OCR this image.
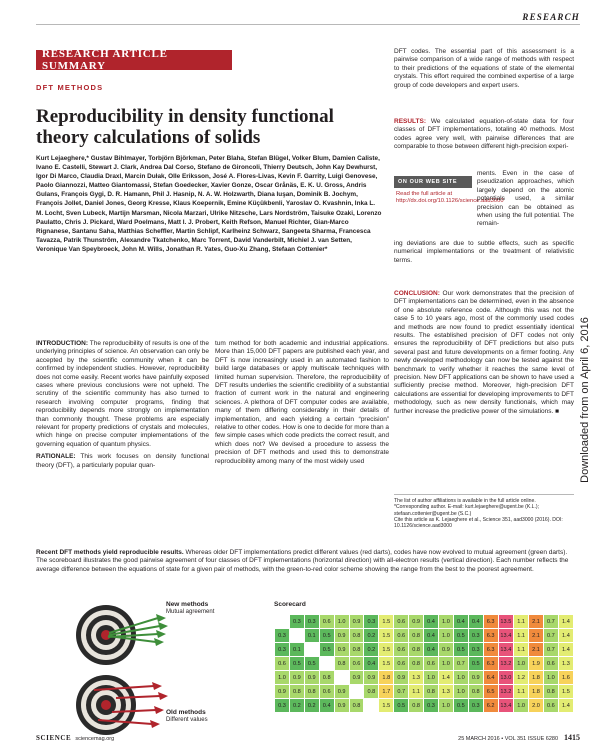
RESEARCH
RESEARCH ARTICLE SUMMARY
DFT METHODS
Reproducibility in density functional theory calculations of solids
Kurt Lejaeghere,* Gustav Bihlmayer, Torbjörn Björkman, Peter Blaha, Stefan Blügel, Volker Blum, Damien Caliste, Ivano E. Castelli, Stewart J. Clark, Andrea Dal Corso, Stefano de Gironcoli, Thierry Deutsch, John Kay Dewhurst, Igor Di Marco, Claudia Draxl, Marcin Dułak, Olle Eriksson, José A. Flores-Livas, Kevin F. Garrity, Luigi Genovese, Paolo Giannozzi, Matteo Giantomassi, Stefan Goedecker, Xavier Gonze, Oscar Grånäs, E. K. U. Gross, Andris Gulans, François Gygi, D. R. Hamann, Phil J. Hasnip, N. A. W. Holzwarth, Diana Iuşan, Dominik B. Jochym, François Jollet, Daniel Jones, Georg Kresse, Klaus Koepernik, Emine Küçükbenli, Yaroslav O. Kvashnin, Inka L. M. Locht, Sven Lubeck, Martijn Marsman, Nicola Marzari, Ulrike Nitzsche, Lars Nordström, Taisuke Ozaki, Lorenzo Paulatto, Chris J. Pickard, Ward Poelmans, Matt I. J. Probert, Keith Refson, Manuel Richter, Gian-Marco Rignanese, Santanu Saha, Matthias Scheffler, Martin Schlipf, Karlheinz Schwarz, Sangeeta Sharma, Francesca Tavazza, Patrik Thunström, Alexandre Tkatchenko, Marc Torrent, David Vanderbilt, Michiel J. van Setten, Veronique Van Speybroeck, John M. Wills, Jonathan R. Yates, Guo-Xu Zhang, Stefaan Cottenier*

INTRODUCTION: The reproducibility of results is one of the underlying principles of science. An observation can only be accepted by the scientific community when it can be confirmed by independent studies. However, reproducibility does not come easily. Recent works have painfully exposed cases where previous conclusions were not upheld. The scrutiny of the scientific community has also turned to research involving computer programs, finding that reproducibility depends more strongly on implementation than commonly thought. These problems are especially relevant for property predictions of crystals and molecules, which hinge on precise computer implementations of the governing equation of quantum physics.

RATIONALE: This work focuses on density functional theory (DFT), a particularly popular quan-

tum method for both academic and industrial applications. More than 15,000 DFT papers are published each year, and DFT is now increasingly used in an automated fashion to build large databases or apply multiscale techniques with limited human supervision. Therefore, the reproducibility of DFT results underlies the scientific credibility of a substantial fraction of current work in the natural and engineering sciences. A plethora of DFT computer codes are available, many of them differing considerably in their details of implementation, and each yielding a certain “precision” relative to other codes. How is one to decide for more than a few simple cases which code predicts the correct result, and which does not? We devised a procedure to assess the precision of DFT methods and used this to demonstrate reproducibility among many of the most widely used

DFT codes. The essential part of this assessment is a pairwise comparison of a wide range of methods with respect to their predictions of the equations of state of the elemental crystals. This effort required the combined expertise of a large group of code developers and expert users.

RESULTS: We calculated equation-of-state data for four classes of DFT implementations, totaling 40 methods. Most codes agree very well, with pairwise differences that are comparable to those between different high-precision experi-
ON OUR WEB SITE
Read the full article at http://dx.doi.org/10.1126/science.aad3000
ments. Even in the case of pseudization approaches, which largely depend on the atomic potentials used, a similar precision can be obtained as when using the full potential. The remain-
ing deviations are due to subtle effects, such as specific numerical implementations or the treatment of relativistic terms.
CONCLUSION: Our work demonstrates that the precision of DFT implementations can be determined, even in the absence of one absolute reference code. Although this was not the case 5 to 10 years ago, most of the commonly used codes and methods are now found to predict essentially identical results. The established precision of DFT codes not only ensures the reproducibility of DFT predictions but also puts several past and future developments on a firmer footing. Any newly developed methodology can now be tested against the benchmark to verify whether it reaches the same level of precision. New DFT applications can be shown to have used a sufficiently precise method. Moreover, high-precision DFT calculations are essential for developing improvements to DFT methodology, such as new density functionals, which may further increase the predictive power of the simulations. ■
The list of author affiliations is available in the full article online.
*Corresponding author. E-mail: kurt.lejaeghere@ugent.be (K.L.); stefaan.cottenier@ugent.be (S.C.)
Cite this article as K. Lejaeghere et al., Science 351, aad3000 (2016). DOI: 10.1126/science.aad3000
Recent DFT methods yield reproducible results. Whereas older DFT implementations predict different values (red darts), codes have now evolved to mutual agreement (green darts). The scoreboard illustrates the good pairwise agreement of four classes of DFT implementations (horizontal direction) with all-electron results (vertical direction). Each number reflects the average difference between the equations of state for a given pair of methods, with the green-to-red color scheme showing the range from the best to the poorest agreement.
New methods
Mutual agreement
Old methods
Different values
Scorecard
	0.3	0.3	0.6	1.0	0.9	0.3	1.5	0.6	0.9	0.4	1.0	0.4	0.4	6.3	13.5	1.1	2.1	0.7	1.4
0.3		0.1	0.5	0.9	0.8	0.2	1.5	0.6	0.8	0.4	1.0	0.5	0.3	6.3	13.4	1.1	2.1	0.7	1.4
0.3	0.1		0.5	0.9	0.8	0.2	1.5	0.6	0.8	0.4	0.9	0.5	0.3	6.3	13.4	1.1	2.1	0.7	1.4
0.6	0.5	0.5		0.8	0.6	0.4	1.5	0.6	0.8	0.6	1.0	0.7	0.5	6.3	13.2	1.0	1.9	0.6	1.3
1.0	0.9	0.9	0.8		0.9	0.9	1.8	0.9	1.3	1.0	1.4	1.0	0.9	6.4	13.0	1.2	1.8	1.0	1.6
0.9	0.8	0.8	0.6	0.9		0.8	1.7	0.7	1.1	0.8	1.3	1.0	0.8	6.5	13.2	1.1	1.8	0.8	1.5
0.3	0.2	0.2	0.4	0.9	0.8		1.5	0.5	0.8	0.3	1.0	0.5	0.3	6.2	13.4	1.0	2.0	0.6	1.4
SCIENCE sciencemag.org	25 MARCH 2016 • VOL 351 ISSUE 6280 1415
Downloaded from on April 6, 2016
